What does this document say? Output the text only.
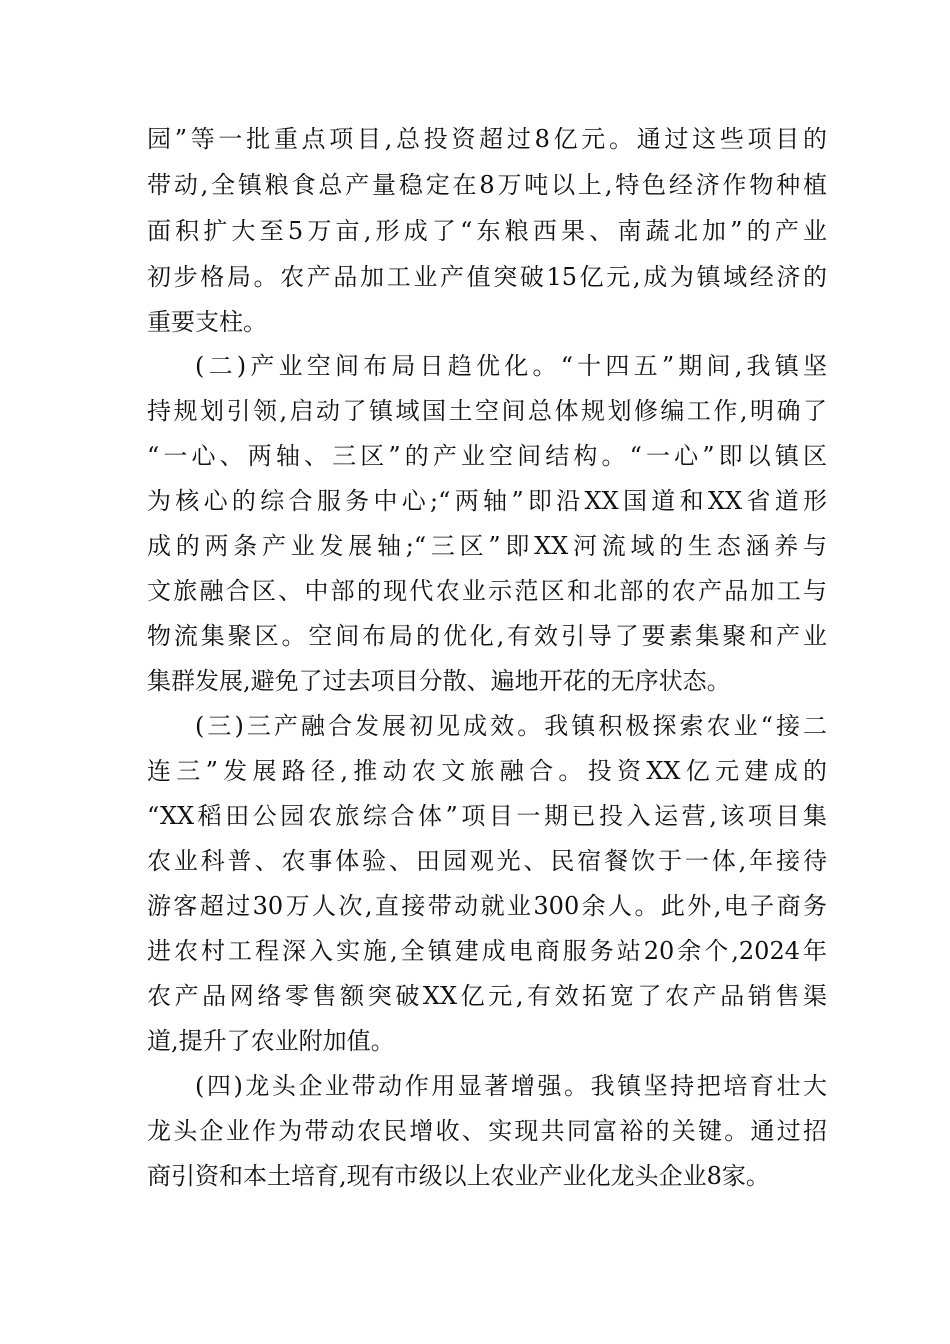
园”等一批重点项目,总投资超过8亿元。通过这些项目的
带动,全镇粮食总产量稳定在8万吨以上,特色经济作物种植
面积扩大至5万亩,形成了“东粮西果、南蔬北加”的产业
初步格局。农产品加工业产值突破15亿元,成为镇域经济的
重要支柱。
(二)产业空间布局日趋优化。“十四五”期间,我镇坚
持规划引领,启动了镇域国土空间总体规划修编工作,明确了
“一心、两轴、三区”的产业空间结构。“一心”即以镇区
为核心的综合服务中心;“两轴”即沿XX国道和XX省道形
成的两条产业发展轴;“三区”即XX河流域的生态涵养与
文旅融合区、中部的现代农业示范区和北部的农产品加工与
物流集聚区。空间布局的优化,有效引导了要素集聚和产业
集群发展,避免了过去项目分散、遍地开花的无序状态。
(三)三产融合发展初见成效。我镇积极探索农业“接二
连三”发展路径,推动农文旅融合。投资XX亿元建成的
“XX稻田公园农旅综合体”项目一期已投入运营,该项目集
农业科普、农事体验、田园观光、民宿餐饮于一体,年接待
游客超过30万人次,直接带动就业300余人。此外,电子商务
进农村工程深入实施,全镇建成电商服务站20余个,2024年
农产品网络零售额突破XX亿元,有效拓宽了农产品销售渠
道,提升了农业附加值。
(四)龙头企业带动作用显著增强。我镇坚持把培育壮大
龙头企业作为带动农民增收、实现共同富裕的关键。通过招
商引资和本土培育,现有市级以上农业产业化龙头企业8家。
